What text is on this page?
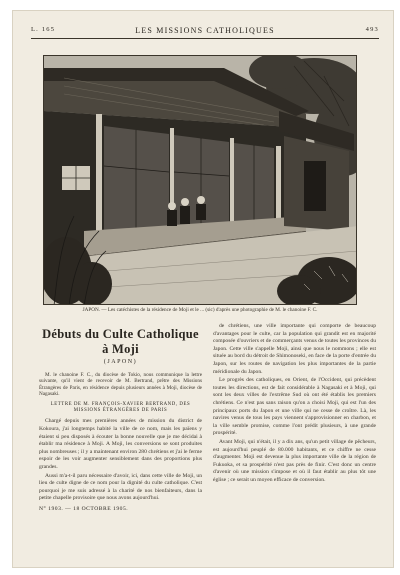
L. 165	LES MISSIONS CATHOLIQUES	493
JAPON. — Les catéchistes de la résidence de Moji et le ... (sic) d'après une photographie de M. le chanoine F. C.
Débuts du Culte Catholique à Moji
(JAPON)

M. le chanoine F. C., du diocèse de Tokio, nous communique la lettre suivante, qu'il vient de recevoir de M. Bertrand, prêtre des Missions Étrangères de Paris, en résidence depuis plusieurs années à Moji, diocèse de Nagasaki.

LETTRE DE M. FRANÇOIS-XAVIER BERTRAND, DES MISSIONS ÉTRANGÈRES DE PARIS

Chargé depuis mes premières années de mission du district de Kokoura, j'ai longtemps habité la ville de ce nom, mais les païens y étaient si peu disposés à écouter la bonne nouvelle que je me décidai à établir ma résidence à Moji. A Moji, les conversions se sont produites plus nombreuses ; il y a maintenant environ 280 chrétiens et j'ai le ferme espoir de les voir augmenter sensiblement dans des proportions plus grandes.

Aussi m'a-t-il paru nécessaire d'avoir, ici, dans cette ville de Moji, un lieu de culte digne de ce nom pour la dignité du culte catholique. C'est pourquoi je me suis adressé à la charité de nos bienfaiteurs, dans la petite chapelle provisoire que nous avons aujourd'hui.

N° 1903. — 18 OCTOBRE 1905.

de chrétiens, une ville importante qui comporte de beaucoup d'avantages pour le culte, car la population qui grandit est en majorité composée d'ouvriers et de commerçants venus de toutes les provinces du Japon. Cette ville s'appelle Moji, ainsi que nous le nommons ; elle est située au bord du détroit de Shimonoseki, en face de la porte d'entrée du Japon, sur les routes de navigation les plus importantes de la partie méridionale du Japon.

Le progrès des catholiques, en Orient, de l'Occident, qui précèdent toutes les directions, est de fait considérable à Nagasaki et à Moji, qui sont les deux villes de l'extrême Sud où ont été établis les premiers chrétiens. Ce n'est pas sans raison qu'on a choisi Moji, qui est l'un des principaux ports du Japon et une ville qui ne cesse de croître. Là, les navires venus de tous les pays viennent s'approvisionner en charbon, et la ville semble promise, comme l'ont prédit plusieurs, à une grande prospérité.

Avant Moji, qui n'était, il y a dix ans, qu'un petit village de pêcheurs, est aujourd'hui peuplé de 80.000 habitants, et ce chiffre ne cesse d'augmenter. Moji est devenue la plus importante ville de la région de Fukuoka, et sa prospérité n'est pas près de finir. C'est donc un centre d'avenir où une mission s'impose et où il faut établir au plus tôt une église ; ce serait un moyen efficace de conversion.
